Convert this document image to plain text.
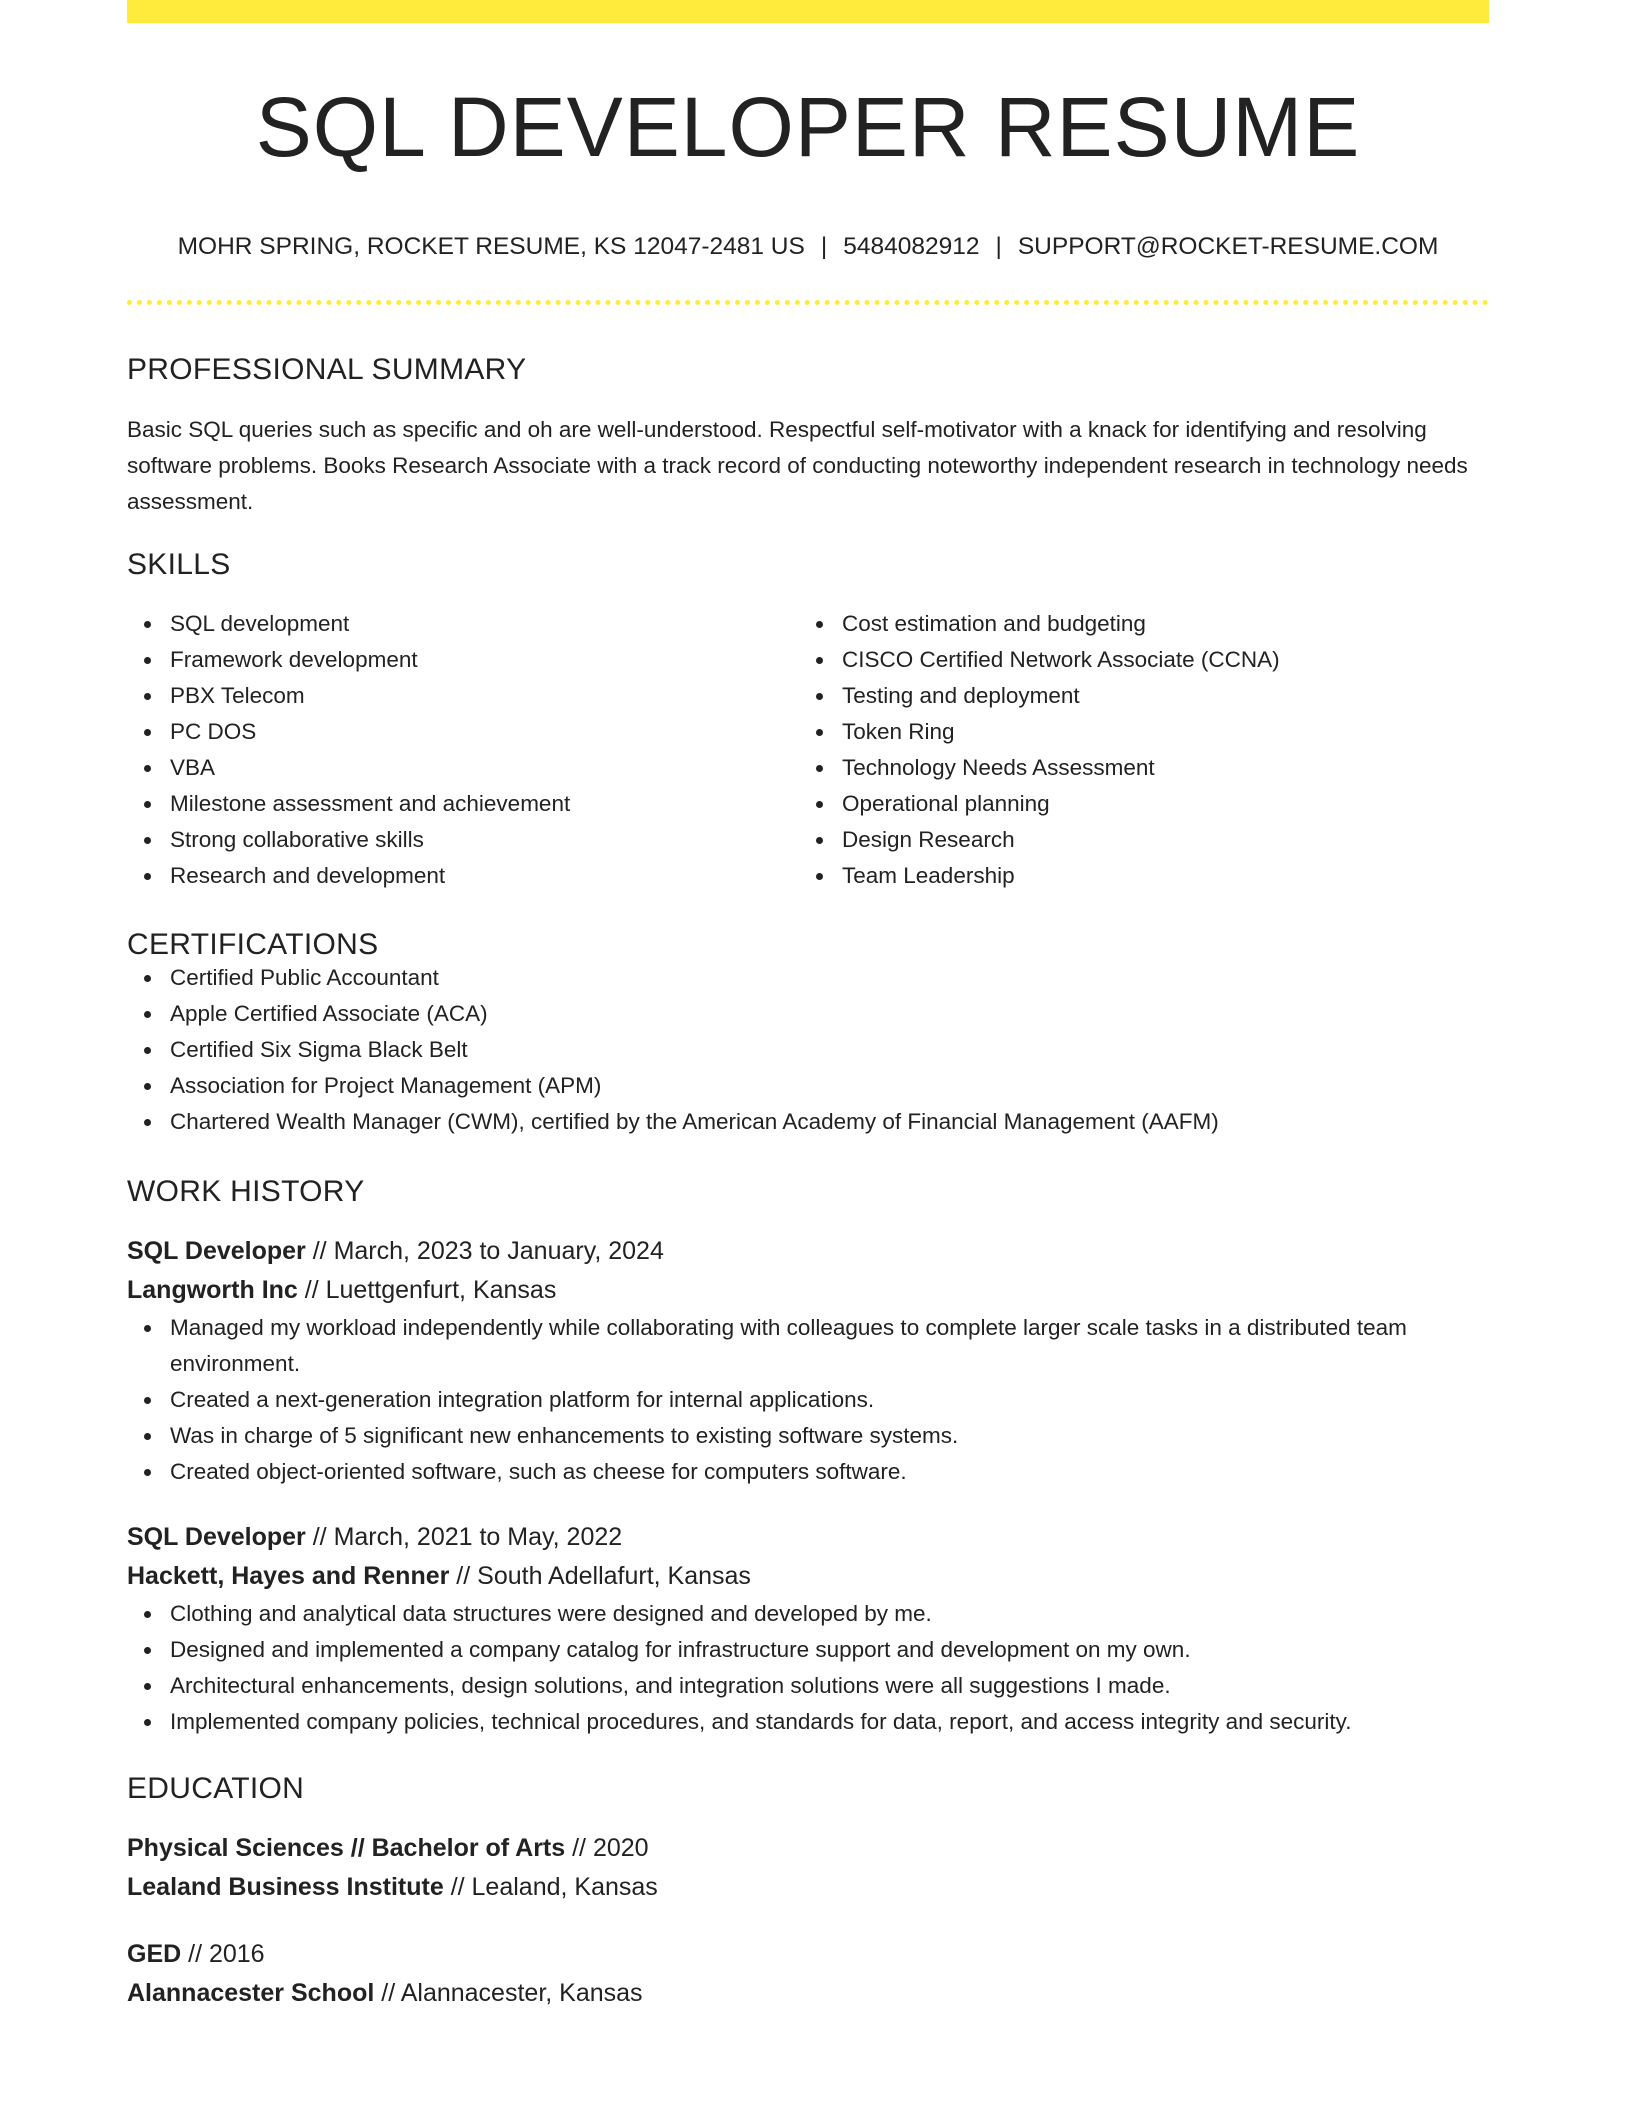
SQL DEVELOPER RESUME
MOHR SPRING, ROCKET RESUME, KS 12047-2481 US | 5484082912 | SUPPORT@ROCKET-RESUME.COM
PROFESSIONAL SUMMARY

Basic SQL queries such as specific and oh are well-understood. Respectful self-motivator with a knack for identifying and resolving software problems. Books Research Associate with a track record of conducting noteworthy independent research in technology needs assessment.

SKILLS
SQL development
Framework development
PBX Telecom
PC DOS
VBA
Milestone assessment and achievement
Strong collaborative skills
Research and development
Cost estimation and budgeting
CISCO Certified Network Associate (CCNA)
Testing and deployment
Token Ring
Technology Needs Assessment
Operational planning
Design Research
Team Leadership
CERTIFICATIONS
Certified Public Accountant
Apple Certified Associate (ACA)
Certified Six Sigma Black Belt
Association for Project Management (APM)
Chartered Wealth Manager (CWM), certified by the American Academy of Financial Management (AAFM)
WORK HISTORY
SQL Developer // March, 2023 to January, 2024
Langworth Inc // Luettgenfurt, Kansas
Managed my workload independently while collaborating with colleagues to complete larger scale tasks in a distributed team environment.
Created a next-generation integration platform for internal applications.
Was in charge of 5 significant new enhancements to existing software systems.
Created object-oriented software, such as cheese for computers software.
SQL Developer // March, 2021 to May, 2022
Hackett, Hayes and Renner // South Adellafurt, Kansas
Clothing and analytical data structures were designed and developed by me.
Designed and implemented a company catalog for infrastructure support and development on my own.
Architectural enhancements, design solutions, and integration solutions were all suggestions I made.
Implemented company policies, technical procedures, and standards for data, report, and access integrity and security.
EDUCATION
Physical Sciences // Bachelor of Arts // 2020
Lealand Business Institute // Lealand, Kansas
GED // 2016
Alannacester School // Alannacester, Kansas
